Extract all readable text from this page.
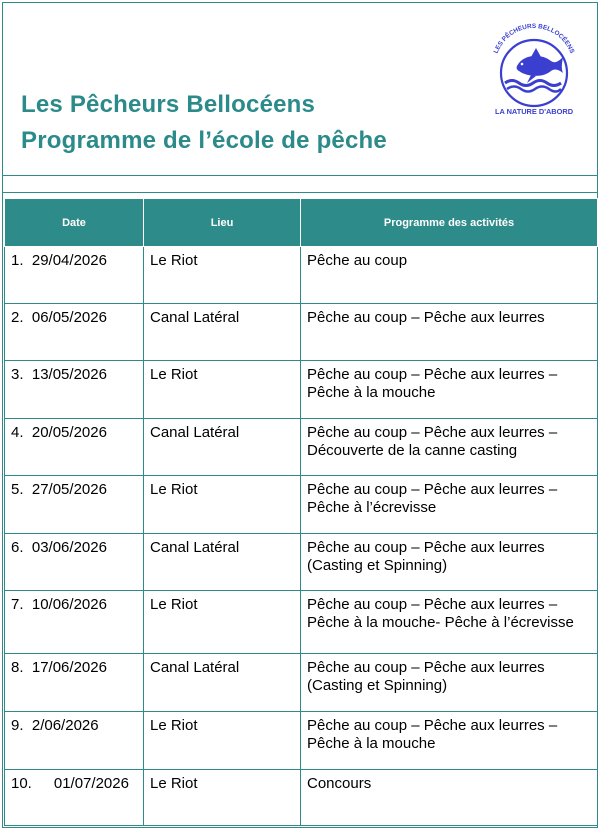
Les Pêcheurs Bellocéens
Programme de l’école de pêche
LES PÊCHEURS BELLOCÉENS
LA NATURE D'ABORD
Date	Lieu	Programme des activités
1. 29/04/2026	Le Riot	Pêche au coup
2. 06/05/2026	Canal Latéral	Pêche au coup – Pêche aux leurres
3. 13/05/2026	Le Riot	Pêche au coup – Pêche aux leurres – Pêche à la mouche
4. 20/05/2026	Canal Latéral	Pêche au coup – Pêche aux leurres – Découverte de la canne casting
5. 27/05/2026	Le Riot	Pêche au coup – Pêche aux leurres – Pêche à l’écrevisse
6. 03/06/2026	Canal Latéral	Pêche au coup – Pêche aux leurres (Casting et Spinning)
7. 10/06/2026	Le Riot	Pêche au coup – Pêche aux leurres – Pêche à la mouche- Pêche à l’écrevisse
8. 17/06/2026	Canal Latéral	Pêche au coup – Pêche aux leurres (Casting et Spinning)
9. 2/06/2026	Le Riot	Pêche au coup – Pêche aux leurres – Pêche à la mouche
10. 01/07/2026	Le Riot	Concours
